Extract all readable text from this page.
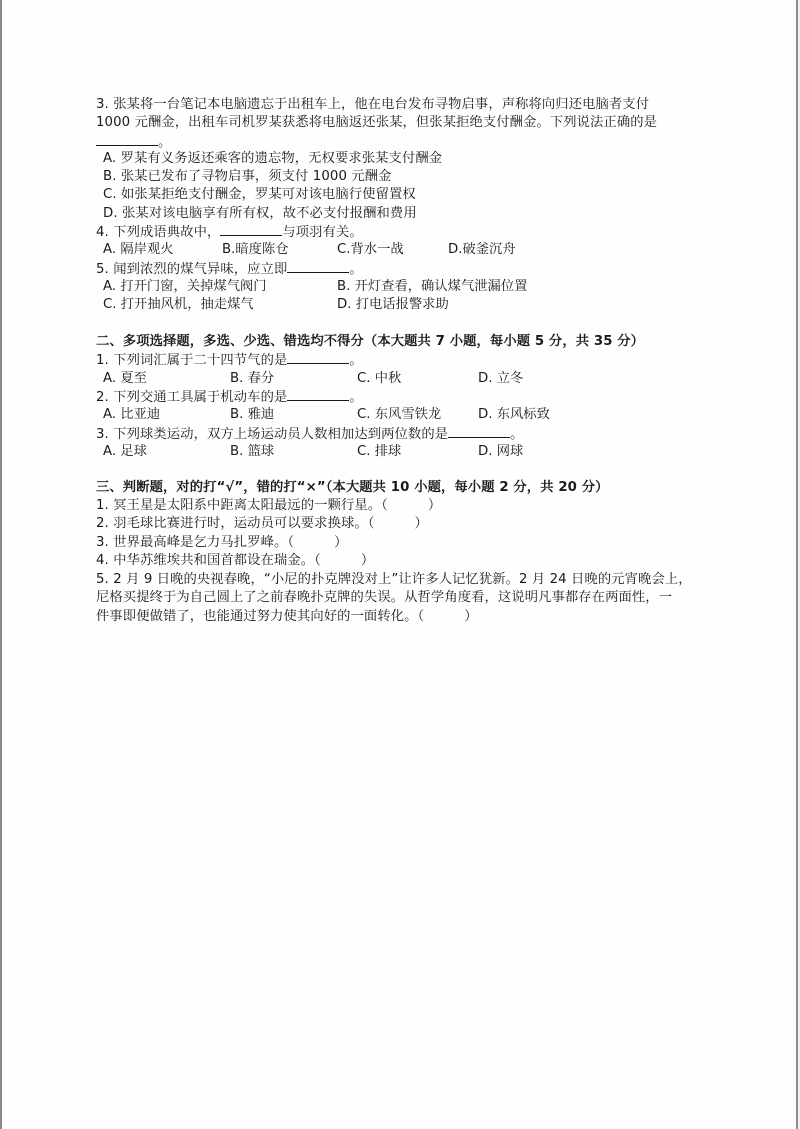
3. 张某将一台笔记本电脑遗忘于出租车上，他在电台发布寻物启事，声称将向归还电脑者支付
1000 元酬金，出租车司机罗某获悉将电脑返还张某，但张某拒绝支付酬金。下列说法正确的是
。
A. 罗某有义务返还乘客的遗忘物，无权要求张某支付酬金
B. 张某已发布了寻物启事，须支付 1000 元酬金
C. 如张某拒绝支付酬金，罗某可对该电脑行使留置权
D. 张某对该电脑享有所有权，故不必支付报酬和费用
4. 下列成语典故中，	与项羽有关。
A. 隔岸观火	B.暗度陈仓	C.背水一战	D.破釜沉舟
5. 闻到浓烈的煤气异味，应立即	。
A. 打开门窗，关掉煤气阀门	B. 开灯查看，确认煤气泄漏位置
C. 打开抽风机，抽走煤气	D. 打电话报警求助
二、多项选择题，多选、少选、错选均不得分（本大题共 7 小题，每小题 5 分，共 35 分）
1. 下列词汇属于二十四节气的是	。
A. 夏至	B. 春分	C. 中秋	D. 立冬
2. 下列交通工具属于机动车的是	。
A. 比亚迪	B. 雅迪	C. 东风雪铁龙	D. 东风标致
3. 下列球类运动，双方上场运动员人数相加达到两位数的是	。
A. 足球	B. 篮球	C. 排球	D. 网球
三、判断题，对的打“√”，错的打“×”（本大题共 10 小题，每小题 2 分，共 20 分）
1. 冥王星是太阳系中距离太阳最远的一颗行星。（	）
2. 羽毛球比赛进行时，运动员可以要求换球。（	）
3. 世界最高峰是乞力马扎罗峰。（	）
4. 中华苏维埃共和国首都设在瑞金。（	）
5. 2 月 9 日晚的央视春晚，“小尼的扑克牌没对上”让许多人记忆犹新。2 月 24 日晚的元宵晚会上，
尼格买提终于为自己圆上了之前春晚扑克牌的失误。从哲学角度看，这说明凡事都存在两面性，一
件事即便做错了，也能通过努力使其向好的一面转化。（	）
